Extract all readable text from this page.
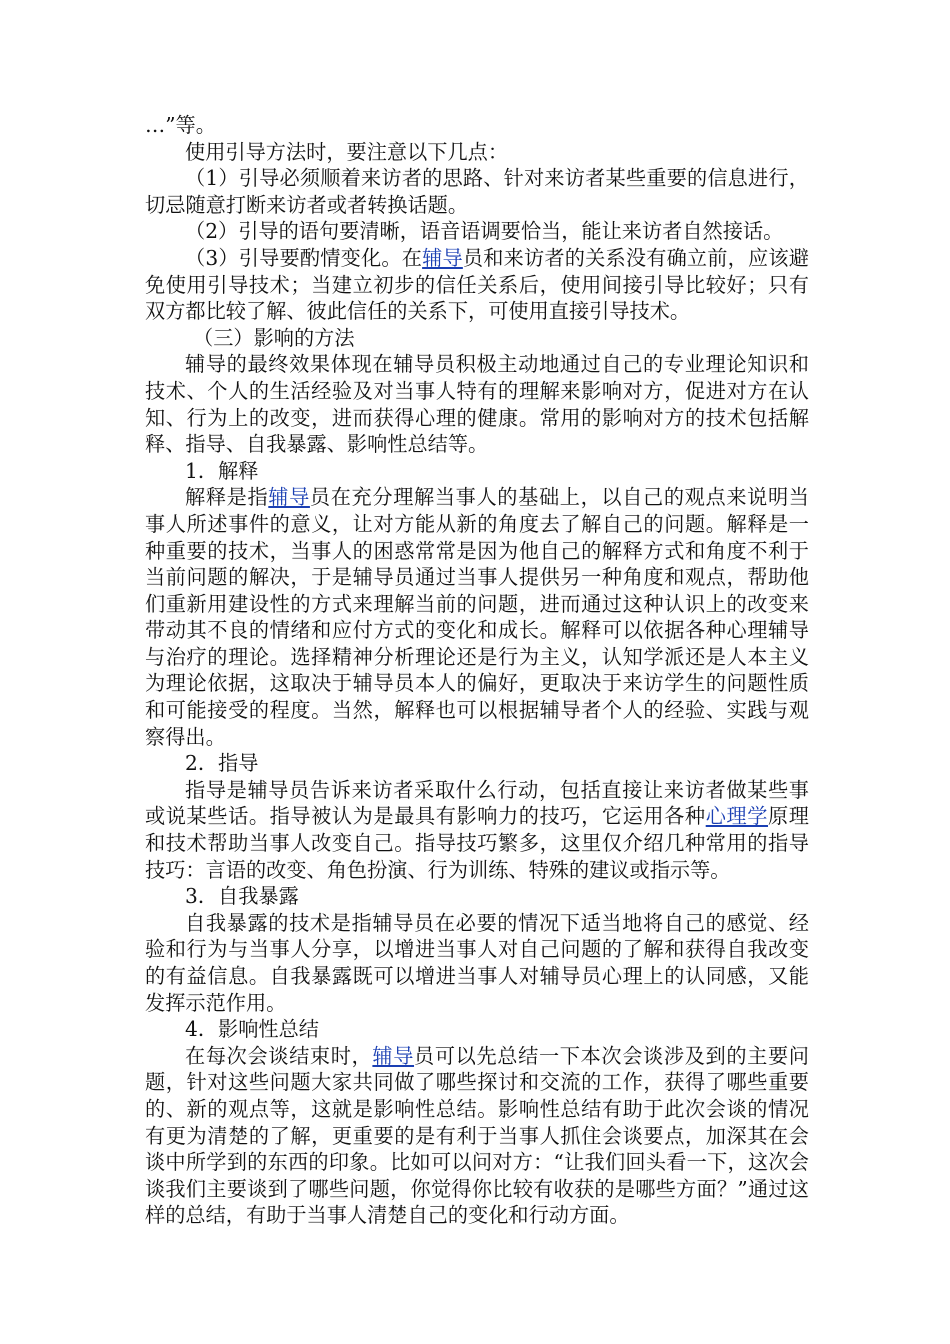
…”等。

使用引导方法时，要注意以下几点：

（1）引导必须顺着来访者的思路、针对来访者某些重要的信息进行，切忌随意打断来访者或者转换话题。

（2）引导的语句要清晰，语音语调要恰当，能让来访者自然接话。

（3）引导要酌情变化。在辅导员和来访者的关系没有确立前，应该避免使用引导技术；当建立初步的信任关系后，使用间接引导比较好；只有双方都比较了解、彼此信任的关系下，可使用直接引导技术。

（三）影响的方法

辅导的最终效果体现在辅导员积极主动地通过自己的专业理论知识和技术、个人的生活经验及对当事人特有的理解来影响对方，促进对方在认知、行为上的改变，进而获得心理的健康。常用的影响对方的技术包括解释、指导、自我暴露、影响性总结等。

1．解释

解释是指辅导员在充分理解当事人的基础上，以自己的观点来说明当事人所述事件的意义，让对方能从新的角度去了解自己的问题。解释是一种重要的技术，当事人的困惑常常是因为他自己的解释方式和角度不利于当前问题的解决，于是辅导员通过当事人提供另一种角度和观点，帮助他们重新用建设性的方式来理解当前的问题，进而通过这种认识上的改变来带动其不良的情绪和应付方式的变化和成长。解释可以依据各种心理辅导与治疗的理论。选择精神分析理论还是行为主义，认知学派还是人本主义为理论依据，这取决于辅导员本人的偏好，更取决于来访学生的问题性质和可能接受的程度。当然，解释也可以根据辅导者个人的经验、实践与观察得出。

2．指导

指导是辅导员告诉来访者采取什么行动，包括直接让来访者做某些事或说某些话。指导被认为是最具有影响力的技巧，它运用各种心理学原理和技术帮助当事人改变自己。指导技巧繁多，这里仅介绍几种常用的指导技巧：言语的改变、角色扮演、行为训练、特殊的建议或指示等。

3．自我暴露

自我暴露的技术是指辅导员在必要的情况下适当地将自己的感觉、经验和行为与当事人分享，以增进当事人对自己问题的了解和获得自我改变的有益信息。自我暴露既可以增进当事人对辅导员心理上的认同感，又能发挥示范作用。

4．影响性总结

在每次会谈结束时，辅导员可以先总结一下本次会谈涉及到的主要问题，针对这些问题大家共同做了哪些探讨和交流的工作，获得了哪些重要的、新的观点等，这就是影响性总结。影响性总结有助于此次会谈的情况有更为清楚的了解，更重要的是有利于当事人抓住会谈要点，加深其在会谈中所学到的东西的印象。比如可以问对方：“让我们回头看一下，这次会谈我们主要谈到了哪些问题，你觉得你比较有收获的是哪些方面？”通过这样的总结，有助于当事人清楚自己的变化和行动方面。
